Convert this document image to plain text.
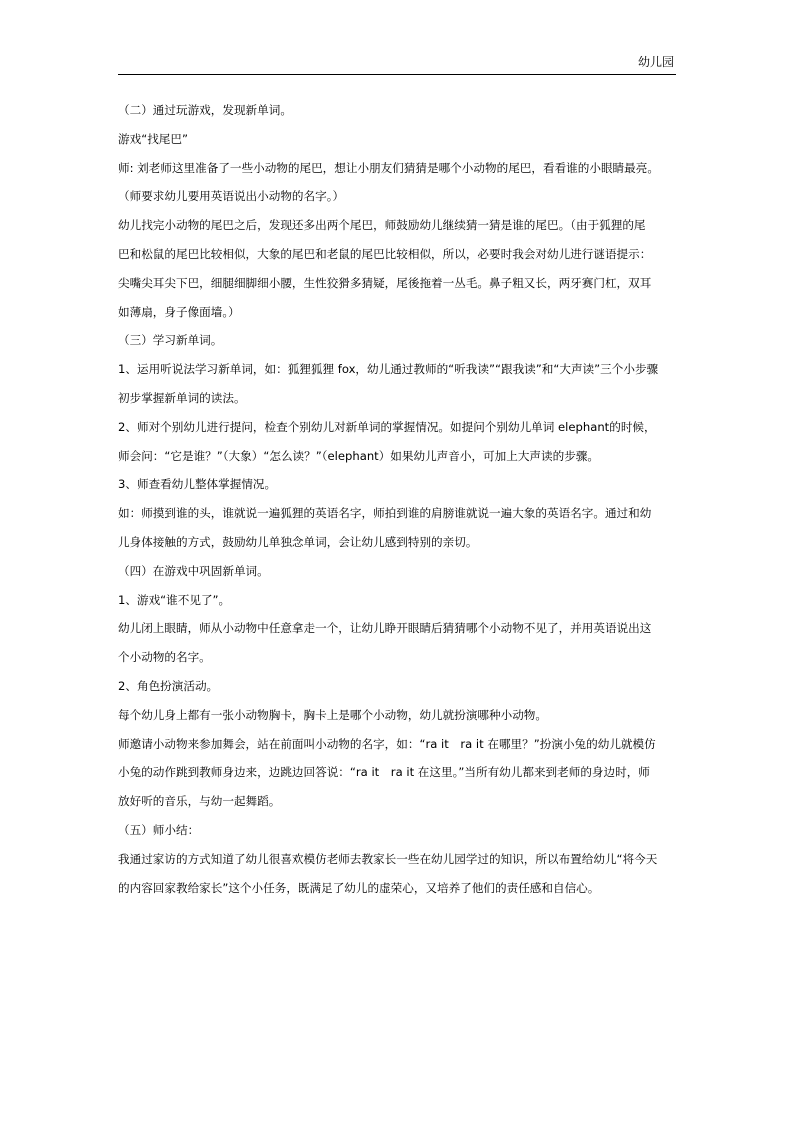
幼儿园
（二）通过玩游戏，发现新单词。
游戏“找尾巴”
师: 刘老师这里准备了一些小动物的尾巴，想让小朋友们猜猜是哪个小动物的尾巴，看看谁的小眼睛最亮。
（师要求幼儿要用英语说出小动物的名字。）
幼儿找完小动物的尾巴之后，发现还多出两个尾巴，师鼓励幼儿继续猜一猜是谁的尾巴。（由于狐狸的尾
巴和松鼠的尾巴比较相似，大象的尾巴和老鼠的尾巴比较相似，所以，必要时我会对幼儿进行谜语提示：
尖嘴尖耳尖下巴，细腿细脚细小腰，生性狡猾多猜疑，尾後拖着一丛毛。鼻子粗又长，两牙赛门杠，双耳
如薄扇，身子像面墙。）
（三）学习新单词。
1、运用听说法学习新单词，如：狐狸狐狸 fox，幼儿通过教师的“听我读”“跟我读”和“大声读”三个小步骤
初步掌握新单词的读法。
2、师对个别幼儿进行提问，检查个别幼儿对新单词的掌握情况。如提问个别幼儿单词 elephant的时候，
师会问：“它是谁？”（大象）“怎么读？”（elephant）如果幼儿声音小，可加上大声读的步骤。
3、师查看幼儿整体掌握情况。
如：师摸到谁的头，谁就说一遍狐狸的英语名字，师拍到谁的肩膀谁就说一遍大象的英语名字。通过和幼
儿身体接触的方式，鼓励幼儿单独念单词，会让幼儿感到特别的亲切。
（四）在游戏中巩固新单词。
1、游戏“谁不见了”。
幼儿闭上眼睛，师从小动物中任意拿走一个，让幼儿睁开眼睛后猜猜哪个小动物不见了，并用英语说出这
个小动物的名字。
2、角色扮演活动。
每个幼儿身上都有一张小动物胸卡，胸卡上是哪个小动物，幼儿就扮演哪种小动物。
师邀请小动物来参加舞会，站在前面叫小动物的名字，如：“ra it　ra it 在哪里？”扮演小兔的幼儿就模仿
小兔的动作跳到教师身边来，边跳边回答说：“ra it　ra it 在这里。”当所有幼儿都来到老师的身边时，师
放好听的音乐，与幼一起舞蹈。
（五）师小结：
我通过家访的方式知道了幼儿很喜欢模仿老师去教家长一些在幼儿园学过的知识，所以布置给幼儿“将今天
的内容回家教给家长”这个小任务，既满足了幼儿的虚荣心，又培养了他们的责任感和自信心。
